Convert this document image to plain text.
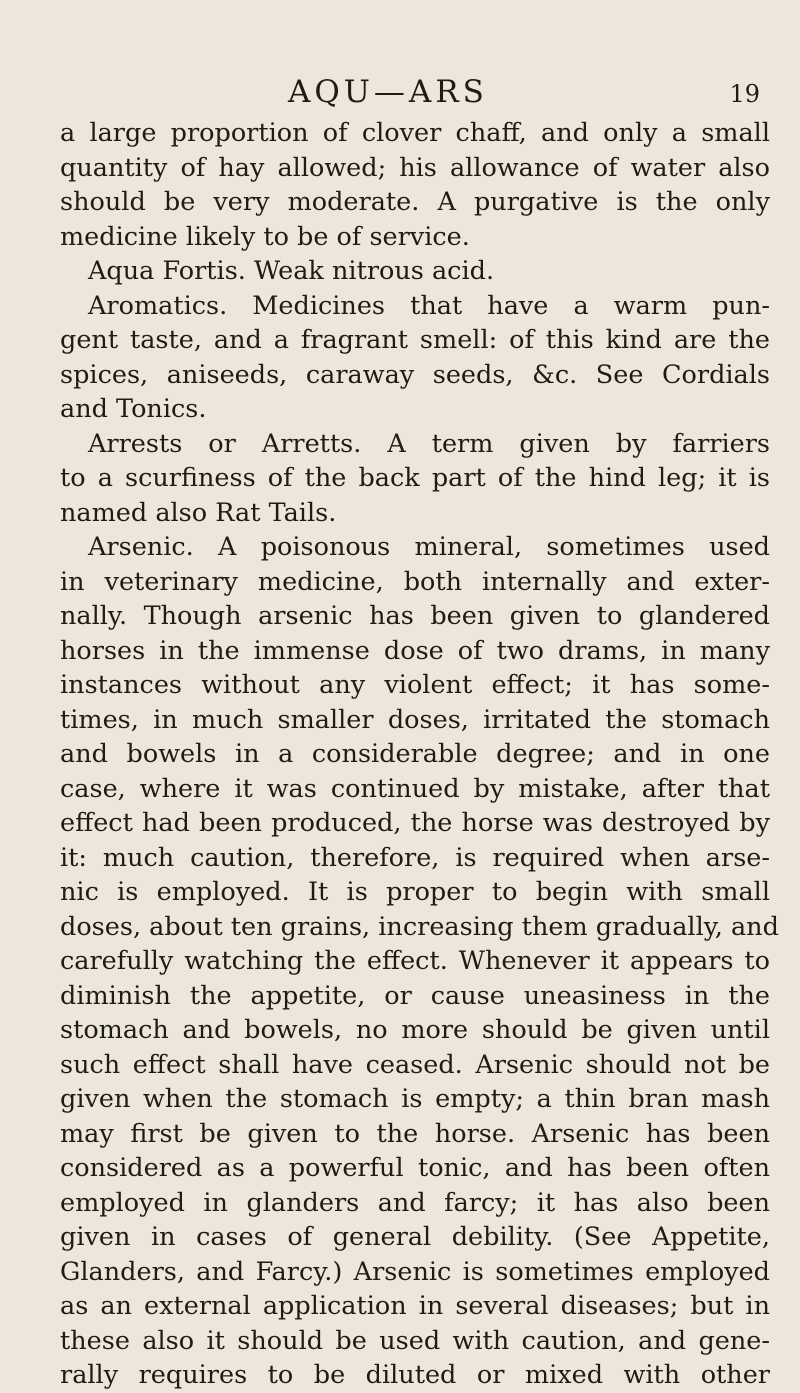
AQU—ARS	19
a large proportion of clover chaff, and only a small
quantity of hay allowed; his allowance of water also
should be very moderate. A purgative is the only
medicine likely to be of service.
Aqua Fortis. Weak nitrous acid.
Aromatics. Medicines that have a warm pun-
gent taste, and a fragrant smell: of this kind are the
spices, aniseeds, caraway seeds, &c. See Cordials
and Tonics.
Arrests or Arretts. A term given by farriers
to a scurfiness of the back part of the hind leg; it is
named also Rat Tails.
Arsenic. A poisonous mineral, sometimes used
in veterinary medicine, both internally and exter-
nally. Though arsenic has been given to glandered
horses in the immense dose of two drams, in many
instances without any violent effect; it has some-
times, in much smaller doses, irritated the stomach
and bowels in a considerable degree; and in one
case, where it was continued by mistake, after that
effect had been produced, the horse was destroyed by
it: much caution, therefore, is required when arse-
nic is employed. It is proper to begin with small
doses, about ten grains, increasing them gradually, and
carefully watching the effect. Whenever it appears to
diminish the appetite, or cause uneasiness in the
stomach and bowels, no more should be given until
such effect shall have ceased. Arsenic should not be
given when the stomach is empty; a thin bran mash
may first be given to the horse. Arsenic has been
considered as a powerful tonic, and has been often
employed in glanders and farcy; it has also been
given in cases of general debility. (See Appetite,
Glanders, and Farcy.) Arsenic is sometimes employed
as an external application in several diseases; but in
these also it should be used with caution, and gene-
rally requires to be diluted or mixed with other
